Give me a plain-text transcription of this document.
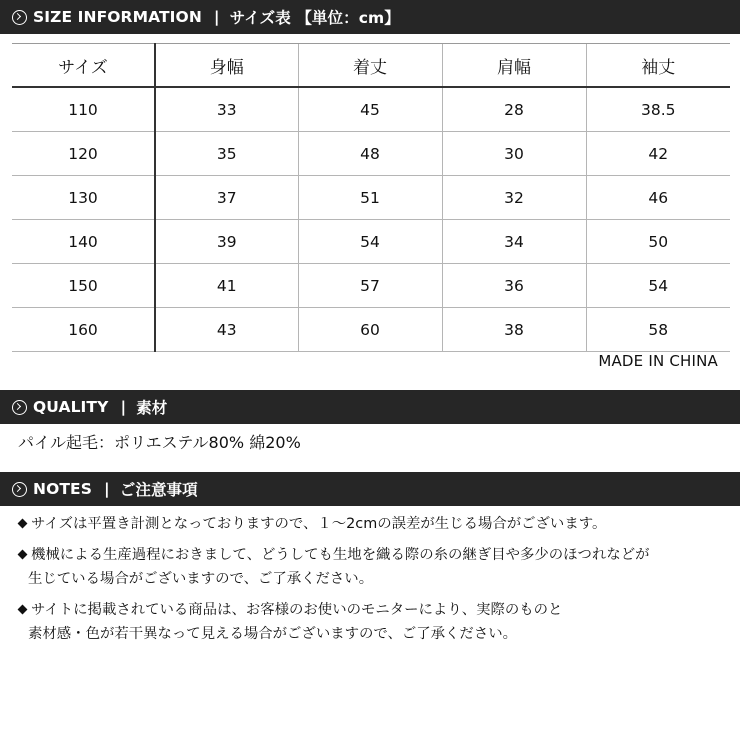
SIZE INFORMATION | サイズ表 【単位：cm】
サイズ	身幅	着丈	肩幅	袖丈
110	33	45	28	38.5
120	35	48	30	42
130	37	51	32	46
140	39	54	34	50
150	41	57	36	54
160	43	60	38	58
MADE IN CHINA
QUALITY | 素材
パイル起毛：ポリエステル80% 綿20%
NOTES | ご注意事項
サイズは平置き計測となっておりますので、１～2cmの誤差が生じる場合がございます。
機械による生産過程におきまして、どうしても生地を織る際の糸の継ぎ目や多少のほつれなどが
生じている場合がございますので、ご了承ください。
サイトに掲載されている商品は、お客様のお使いのモニターにより、実際のものと
素材感・色が若干異なって見える場合がございますので、ご了承ください。
